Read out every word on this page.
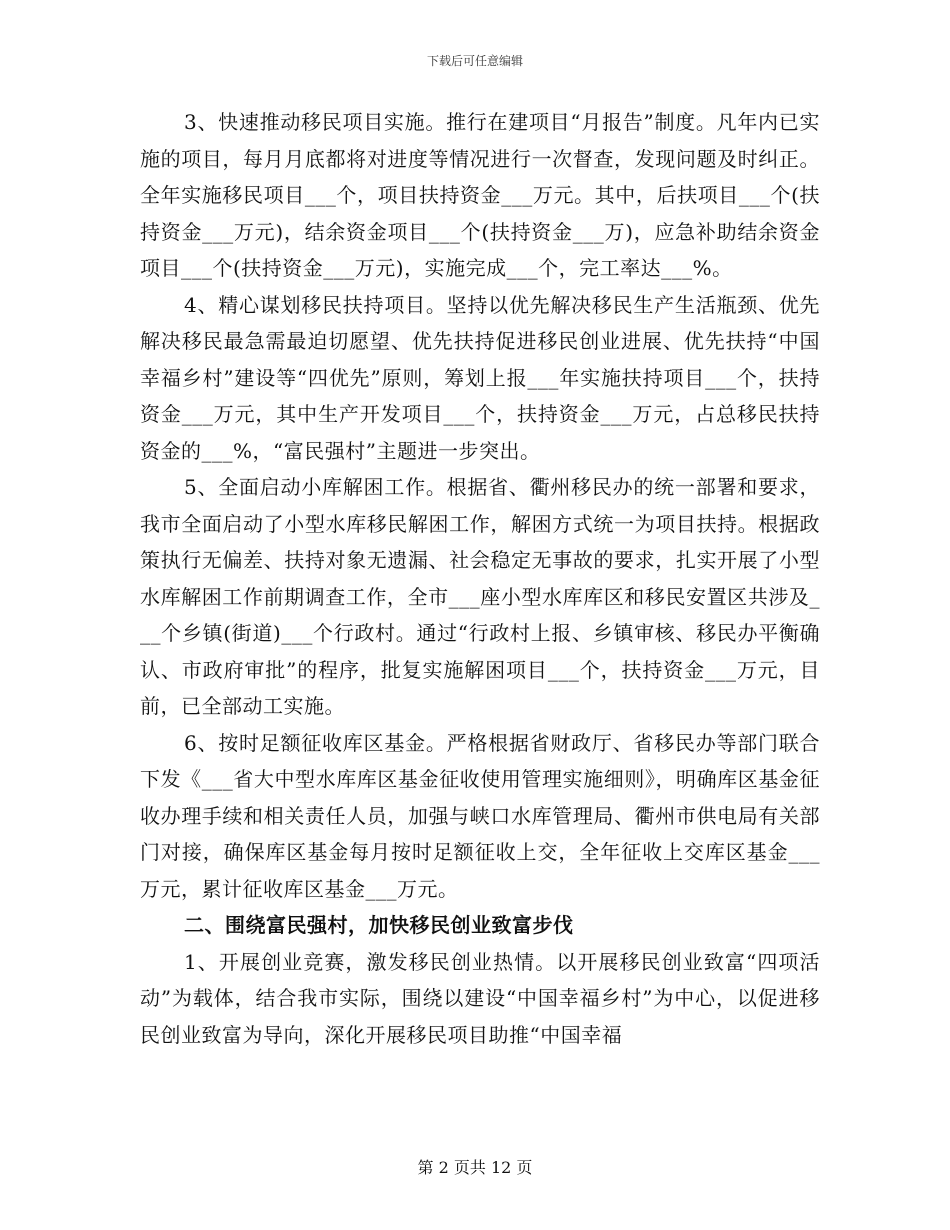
下载后可任意编辑

3、快速推动移民项目实施。推行在建项目“月报告”制度。凡年内已实施的项目，每月月底都将对进度等情况进行一次督查，发现问题及时纠正。全年实施移民项目___个，项目扶持资金___万元。其中，后扶项目___个(扶持资金___万元)，结余资金项目___个(扶持资金___万)，应急补助结余资金项目___个(扶持资金___万元)，实施完成___个，完工率达___%。

4、精心谋划移民扶持项目。坚持以优先解决移民生产生活瓶颈、优先解决移民最急需最迫切愿望、优先扶持促进移民创业进展、优先扶持“中国幸福乡村”建设等“四优先”原则，筹划上报___年实施扶持项目___个，扶持资金___万元，其中生产开发项目___个，扶持资金___万元，占总移民扶持资金的___%，“富民强村”主题进一步突出。

5、全面启动小库解困工作。根据省、衢州移民办的统一部署和要求，我市全面启动了小型水库移民解困工作，解困方式统一为项目扶持。根据政策执行无偏差、扶持对象无遗漏、社会稳定无事故的要求，扎实开展了小型水库解困工作前期调查工作，全市___座小型水库库区和移民安置区共涉及___个乡镇(街道)___个行政村。通过“行政村上报、乡镇审核、移民办平衡确认、市政府审批”的程序，批复实施解困项目___个，扶持资金___万元，目前，已全部动工实施。

6、按时足额征收库区基金。严格根据省财政厅、省移民办等部门联合下发《___省大中型水库库区基金征收使用管理实施细则》，明确库区基金征收办理手续和相关责任人员，加强与峡口水库管理局、衢州市供电局有关部门对接，确保库区基金每月按时足额征收上交，全年征收上交库区基金___万元，累计征收库区基金___万元。

二、围绕富民强村，加快移民创业致富步伐

1、开展创业竞赛，激发移民创业热情。以开展移民创业致富“四项活动”为载体，结合我市实际，围绕以建设“中国幸福乡村”为中心，以促进移民创业致富为导向，深化开展移民项目助推“中国幸福

第 2 页共 12 页
